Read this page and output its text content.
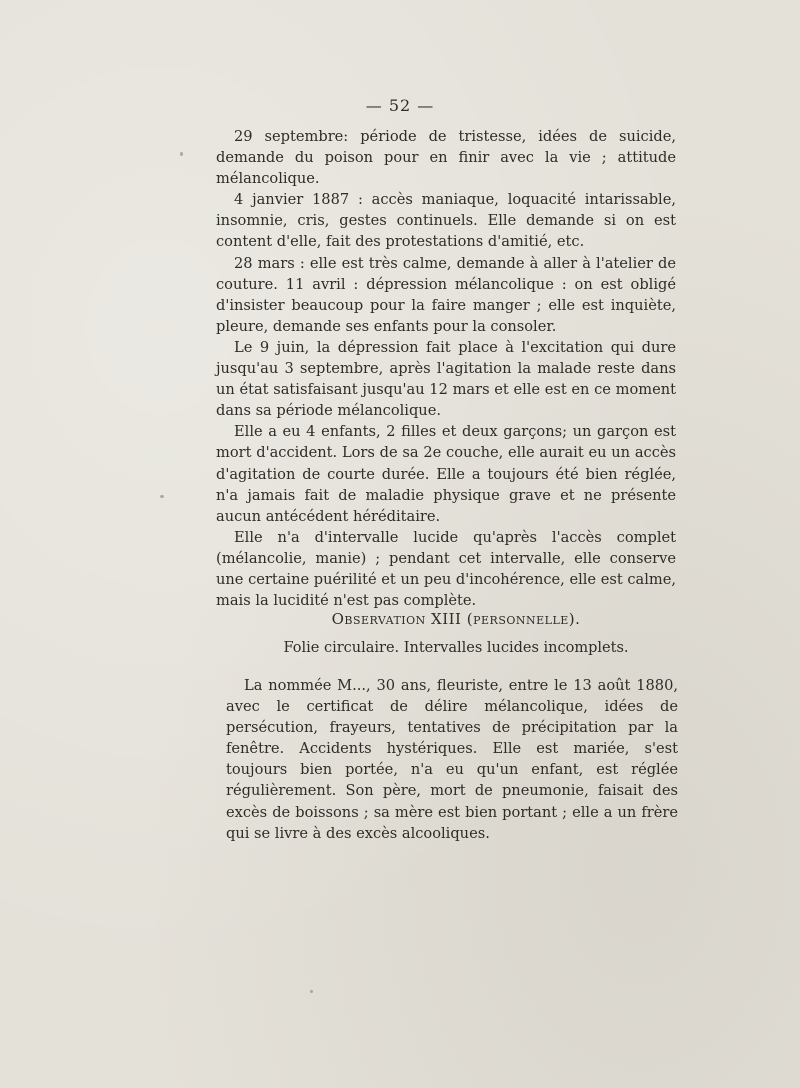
— 52 —

29 septembre: période de tristesse, idées de suicide, demande du poison pour en finir avec la vie ; attitude mélancolique.

4 janvier 1887 : accès maniaque, loquacité intarissable, insomnie, cris, gestes continuels. Elle demande si on est content d'elle, fait des protestations d'amitié, etc.

28 mars : elle est très calme, demande à aller à l'atelier de couture. 11 avril : dépression mélancolique : on est obligé d'insister beaucoup pour la faire manger ; elle est inquiète, pleure, demande ses enfants pour la consoler.

Le 9 juin, la dépression fait place à l'excitation qui dure jusqu'au 3 septembre, après l'agitation la malade reste dans un état satisfaisant jusqu'au 12 mars et elle est en ce moment dans sa période mélancolique.

Elle a eu 4 enfants, 2 filles et deux garçons; un garçon est mort d'accident. Lors de sa 2e couche, elle aurait eu un accès d'agitation de courte durée. Elle a toujours été bien réglée, n'a jamais fait de maladie physique grave et ne présente aucun antécédent héréditaire.

Elle n'a d'intervalle lucide qu'après l'accès complet (mélancolie, manie) ; pendant cet intervalle, elle conserve une certaine puérilité et un peu d'incohérence, elle est calme, mais la lucidité n'est pas complète.

Observation XIII (personnelle).
Folie circulaire. Intervalles lucides incomplets.

La nommée M..., 30 ans, fleuriste, entre le 13 août 1880, avec le certificat de délire mélancolique, idées de persécution, frayeurs, tentatives de précipitation par la fenêtre. Accidents hystériques. Elle est mariée, s'est toujours bien portée, n'a eu qu'un enfant, est réglée régulièrement. Son père, mort de pneumonie, faisait des excès de boissons ; sa mère est bien portant ; elle a un frère qui se livre à des excès alcooliques.
